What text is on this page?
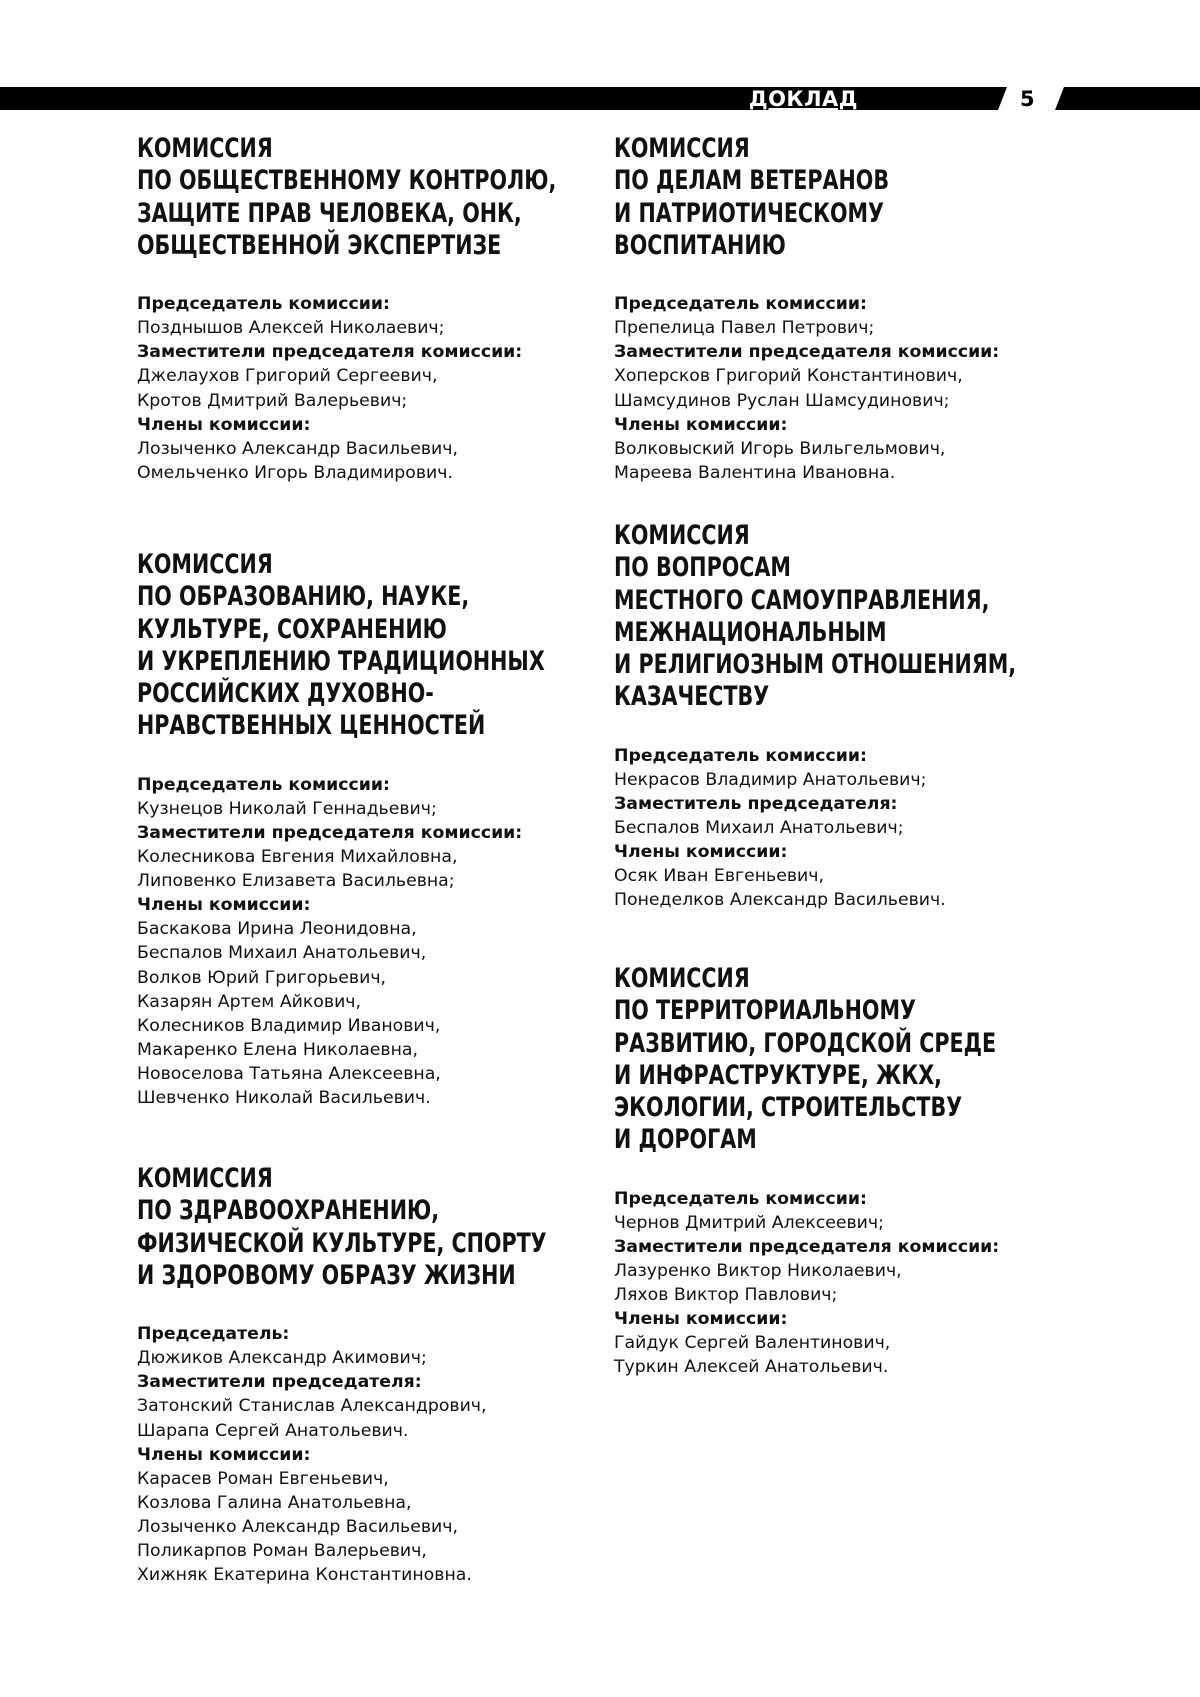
ДОКЛАД	5
КОМИССИЯ
ПО ОБЩЕСТВЕННОМУ КОНТРОЛЮ,
ЗАЩИТЕ ПРАВ ЧЕЛОВЕКА, ОНК,
ОБЩЕСТВЕННОЙ ЭКСПЕРТИЗЕ
Председатель комиссии:
Позднышов Алексей Николаевич;
Заместители председателя комиссии:
Джелаухов Григорий Сергеевич,
Кротов Дмитрий Валерьевич;
Члены комиссии:
Лозыченко Александр Васильевич,
Омельченко Игорь Владимирович.
КОМИССИЯ
ПО ОБРАЗОВАНИЮ, НАУКЕ,
КУЛЬТУРЕ, СОХРАНЕНИЮ
И УКРЕПЛЕНИЮ ТРАДИЦИОННЫХ
РОССИЙСКИХ ДУХОВНО-
НРАВСТВЕННЫХ ЦЕННОСТЕЙ
Председатель комиссии:
Кузнецов Николай Геннадьевич;
Заместители председателя комиссии:
Колесникова Евгения Михайловна,
Липовенко Елизавета Васильевна;
Члены комиссии:
Баскакова Ирина Леонидовна,
Беспалов Михаил Анатольевич,
Волков Юрий Григорьевич,
Казарян Артем Айкович,
Колесников Владимир Иванович,
Макаренко Елена Николаевна,
Новоселова Татьяна Алексеевна,
Шевченко Николай Васильевич.
КОМИССИЯ
ПО ЗДРАВООХРАНЕНИЮ,
ФИЗИЧЕСКОЙ КУЛЬТУРЕ, СПОРТУ
И ЗДОРОВОМУ ОБРАЗУ ЖИЗНИ
Председатель:
Дюжиков Александр Акимович;
Заместители председателя:
Затонский Станислав Александрович,
Шарапа Сергей Анатольевич.
Члены комиссии:
Карасев Роман Евгеньевич,
Козлова Галина Анатольевна,
Лозыченко Александр Васильевич,
Поликарпов Роман Валерьевич,
Хижняк Екатерина Константиновна.
КОМИССИЯ
ПО ДЕЛАМ ВЕТЕРАНОВ
И ПАТРИОТИЧЕСКОМУ
ВОСПИТАНИЮ
Председатель комиссии:
Препелица Павел Петрович;
Заместители председателя комиссии:
Хоперсков Григорий Константинович,
Шамсудинов Руслан Шамсудинович;
Члены комиссии:
Волковыский Игорь Вильгельмович,
Мареева Валентина Ивановна.
КОМИССИЯ
ПО ВОПРОСАМ
МЕСТНОГО САМОУПРАВЛЕНИЯ,
МЕЖНАЦИОНАЛЬНЫМ
И РЕЛИГИОЗНЫМ ОТНОШЕНИЯМ,
КАЗАЧЕСТВУ
Председатель комиссии:
Некрасов Владимир Анатольевич;
Заместитель председателя:
Беспалов Михаил Анатольевич;
Члены комиссии:
Осяк Иван Евгеньевич,
Понеделков Александр Васильевич.
КОМИССИЯ
ПО ТЕРРИТОРИАЛЬНОМУ
РАЗВИТИЮ, ГОРОДСКОЙ СРЕДЕ
И ИНФРАСТРУКТУРЕ, ЖКХ,
ЭКОЛОГИИ, СТРОИТЕЛЬСТВУ
И ДОРОГАМ
Председатель комиссии:
Чернов Дмитрий Алексеевич;
Заместители председателя комиссии:
Лазуренко Виктор Николаевич,
Ляхов Виктор Павлович;
Члены комиссии:
Гайдук Сергей Валентинович,
Туркин Алексей Анатольевич.
